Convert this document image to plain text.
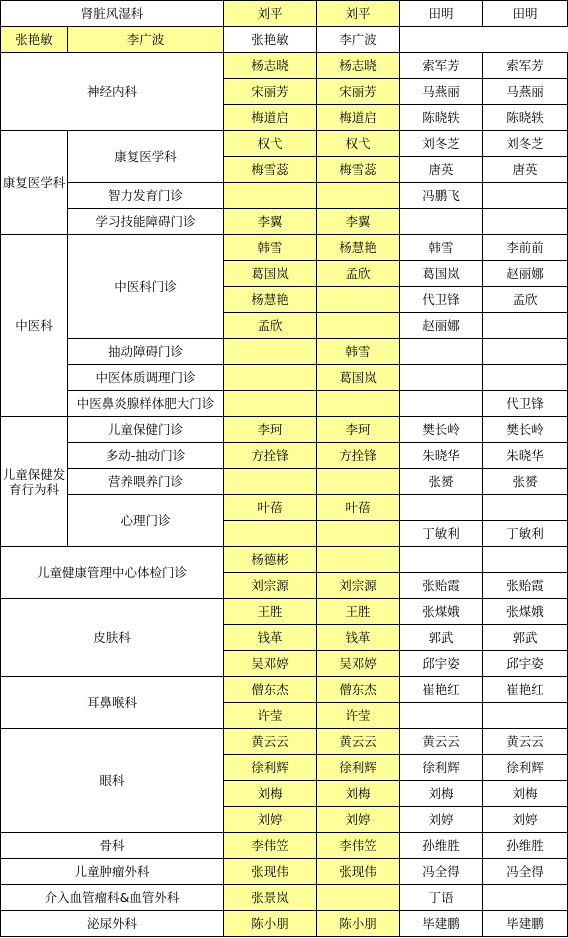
肾脏风湿科		刘平	刘平	田明	田明
张艳敏	李广波	张艳敏	李广波		
神经内科		杨志晓	杨志晓	索军芳	索军芳
		宋丽芳	宋丽芳	马燕丽	马燕丽
		梅道启	梅道启	陈晓轶	陈晓轶
康复医学科	康复医学科	权弋	权弋	刘冬芝	刘冬芝
		梅雪蕊	梅雪蕊	唐英	唐英
	智力发育门诊			冯鹏飞	
	学习技能障碍门诊	李翼	李翼		
中医科	中医科门诊	韩雪	杨慧艳	韩雪	李前前
		葛国岚	孟欣	葛国岚	赵丽娜
		杨慧艳		代卫锋	孟欣
		孟欣		赵丽娜	
	抽动障碍门诊		韩雪		
	中医体质调理门诊		葛国岚		
	中医鼻炎腺样体肥大门诊				代卫锋
儿童保健发育行为科	儿童保健门诊	李珂	李珂	樊长岭	樊长岭
	多动-抽动门诊	方拴锋	方拴锋	朱晓华	朱晓华
	营养喂养门诊			张赟	张赟
	心理门诊	叶蓓	叶蓓		
				丁敏利	丁敏利
儿童健康管理中心体检门诊		杨德彬			
		刘宗源	刘宗源	张贻霞	张贻霞
皮肤科		王胜	王胜	张煤娥	张煤娥
		钱革	钱革	郭武	郭武
		吴邓婷	吴邓婷	邱宇姿	邱宇姿
耳鼻喉科		僧东杰	僧东杰	崔艳红	崔艳红
		许莹	许莹		
眼科		黄云云	黄云云	黄云云	黄云云
		徐利辉	徐利辉	徐利辉	徐利辉
		刘梅	刘梅	刘梅	刘梅
		刘婷	刘婷	刘婷	刘婷
骨科		李伟笠	李伟笠	孙维胜	孙维胜
儿童肿瘤外科		张现伟	张现伟	冯全得	冯全得
介入血管瘤科&血管外科		张景岚		丁语	
泌尿外科		陈小朋	陈小朋	毕建鹏	毕建鹏
